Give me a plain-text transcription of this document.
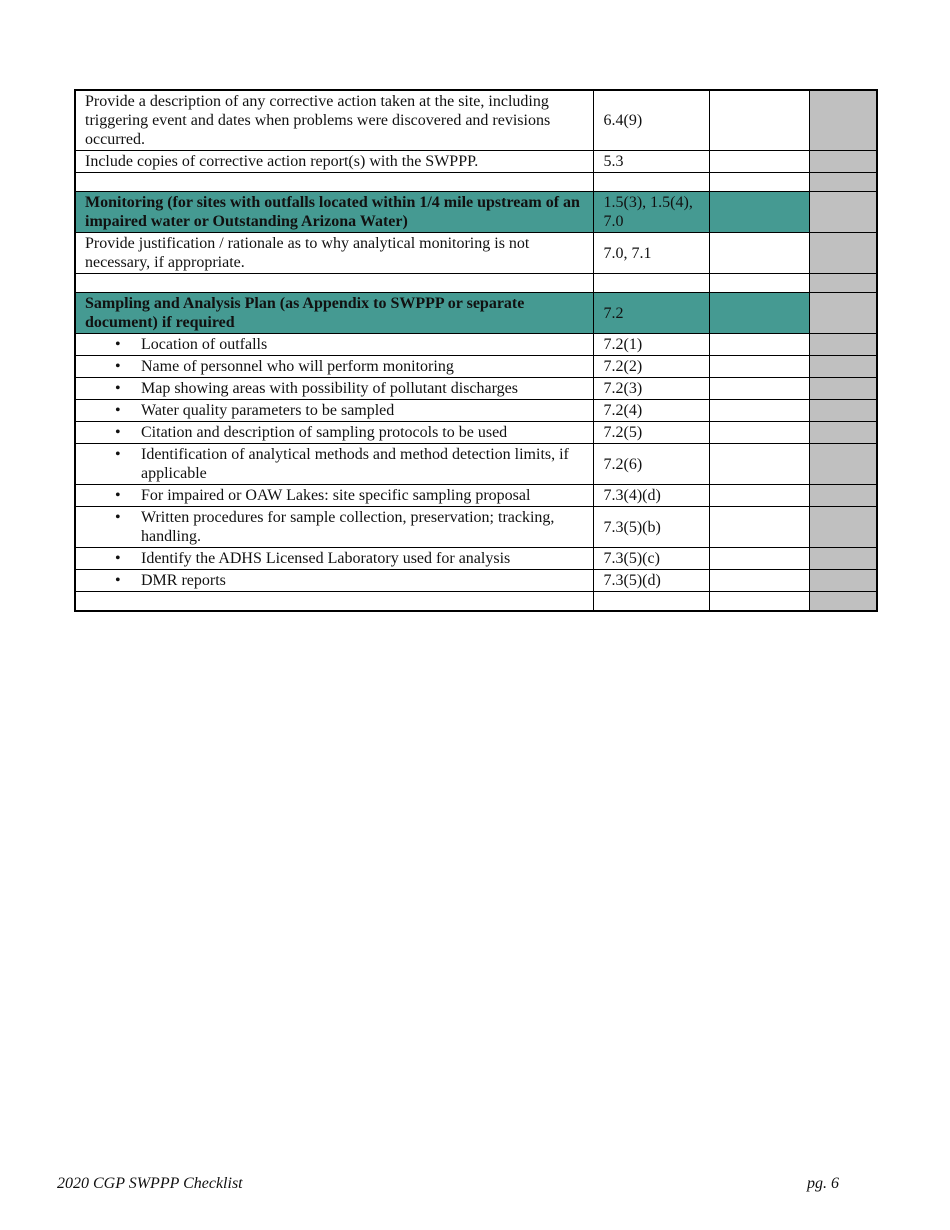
Provide a description of any corrective action taken at the site, including triggering event and dates when problems were discovered and revisions occurred.	6.4(9)		
Include copies of corrective action report(s) with the SWPPP.	5.3		

Monitoring (for sites with outfalls located within 1/4 mile upstream of an impaired water or Outstanding Arizona Water)	1.5(3), 1.5(4), 7.0		
Provide justification / rationale as to why analytical monitoring is not necessary, if appropriate.	7.0, 7.1		

Sampling and Analysis Plan (as Appendix to SWPPP or separate document) if required	7.2		

• Location of outfalls	7.2(1)		

• Name of personnel who will perform monitoring	7.2(2)		

• Map showing areas with possibility of pollutant discharges	7.2(3)		

• Water quality parameters to be sampled	7.2(4)		

• Citation and description of sampling protocols to be used	7.2(5)		

• Identification of analytical methods and method detection limits, if applicable	7.2(6)		

• For impaired or OAW Lakes: site specific sampling proposal	7.3(4)(d)		

• Written procedures for sample collection, preservation; tracking, handling.	7.3(5)(b)		

• Identify the ADHS Licensed Laboratory used for analysis	7.3(5)(c)		

• DMR reports	7.3(5)(d)		

2020 CGP SWPPP Checklist	pg. 6
